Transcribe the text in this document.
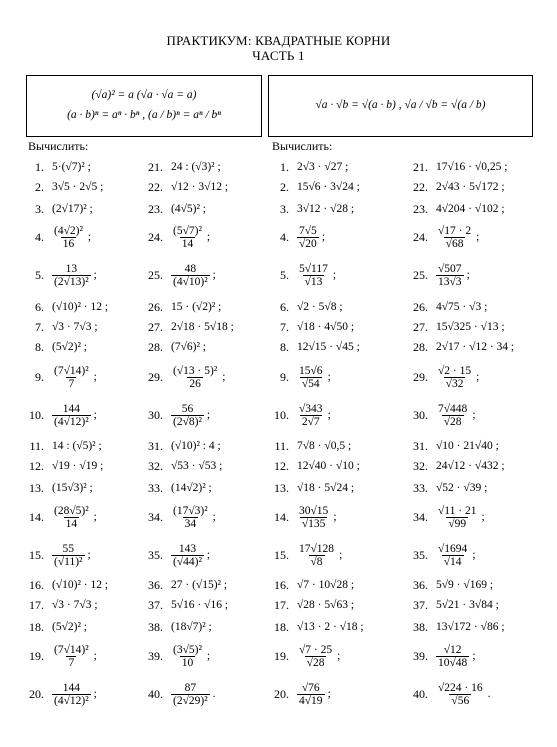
ПРАКТИКУМ: КВАДРАТНЫЕ КОРНИ
ЧАСТЬ 1
(√a)² = a (√a · √a = a)
(a · b)ⁿ = aⁿ · bⁿ , (a / b)ⁿ = aⁿ / bⁿ
√a · √b = √(a · b) , √a / √b = √(a / b)
Вычислить:	Вычислить:
1. 5·(√7)² ;
2. 3√5 · 2√5 ;
3. (2√17)² ;
4. $\frac{\text{(4√2)²}}{16}$ ;
5. $\frac{13}{\text{(2√13)²}}$ ;
6. (√10)² · 12 ;
7. √3 · 7√3 ;
8. (5√2)² ;
9. $\frac{\text{(7√14)²}}{7}$ ;
10. $\frac{144}{\text{(4√12)²}}$ ;
11. 14 : (√5)² ;
12. √19 · √19 ;
13. (15√3)² ;
14. $\frac{\text{(28√5)²}}{14}$ ;
15. $\frac{55}{\text{(√11)²}}$ ;
16. (√10)² · 12 ;
17. √3 · 7√3 ;
18. (5√2)² ;
19. $\frac{\text{(7√14)²}}{7}$ ;
20. $\frac{144}{\text{(4√12)²}}$ ;
21. 24 : (√3)² ;
22. √12 · 3√12 ;
23. (4√5)² ;
24. $\frac{\text{(5√7)²}}{14}$ ;
25. $\frac{48}{\text{(4√10)²}}$ ;
26. 15 · (√2)² ;
27. 2√18 · 5√18 ;
28. (7√6)² ;
29. $\frac{\text{(√13 · 5)²}}{26}$ ;
30. $\frac{56}{\text{(2√8)²}}$ ;
31. (√10)² : 4 ;
32. √53 · √53 ;
33. (14√2)² ;
34. $\frac{\text{(17√3)²}}{34}$ ;
35. $\frac{143}{\text{(√44)²}}$ ;
36. 27 · (√15)² ;
37. 5√16 · √16 ;
38. (18√7)² ;
39. $\frac{\text{(3√5)²}}{10}$ ;
40. $\frac{87}{\text{(2√29)²}}$ .
1. 2√3 · √27 ;
2. 15√6 · 3√24 ;
3. 3√12 · √28 ;
4. $\frac{7√5}{√20}$ ;
5. $\frac{5√117}{√13}$ ;
6. √2 · 5√8 ;
7. √18 · 4√50 ;
8. 12√15 · √45 ;
9. $\frac{15√6}{√54}$ ;
10. $\frac{√343}{2√7}$ ;
11. 7√8 · √0,5 ;
12. 12√40 · √10 ;
13. √18 · 5√24 ;
14. $\frac{30√15}{√135}$ ;
15. $\frac{17√128}{√8}$ ;
16. √7 · 10√28 ;
17. √28 · 5√63 ;
18. √13 · 2 · √18 ;
19. $\frac{√7 \cdot 25}{√28}$ ;
20. $\frac{√76}{4√19}$ ;
21. 17√16 · √0,25 ;
22. 2√43 · 5√172 ;
23. 4√204 · √102 ;
24. $\frac{√17 \cdot 2}{√68}$ ;
25. $\frac{√507}{13√3}$ ;
26. 4√75 · √3 ;
27. 15√325 · √13 ;
28. 2√17 · √12 · 34 ;
29. $\frac{√2 \cdot 15}{√32}$ ;
30. $\frac{7√448}{√28}$ ;
31. √10 · 21√40 ;
32. 24√12 · √432 ;
33. √52 · √39 ;
34. $\frac{√11 \cdot 21}{√99}$ ;
35. $\frac{√1694}{√14}$ ;
36. 5√9 · √169 ;
37. 5√21 · 3√84 ;
38. 13√172 · √86 ;
39. $\frac{√12}{10√48}$ ;
40. $\frac{√224 \cdot 16}{√56}$ .
